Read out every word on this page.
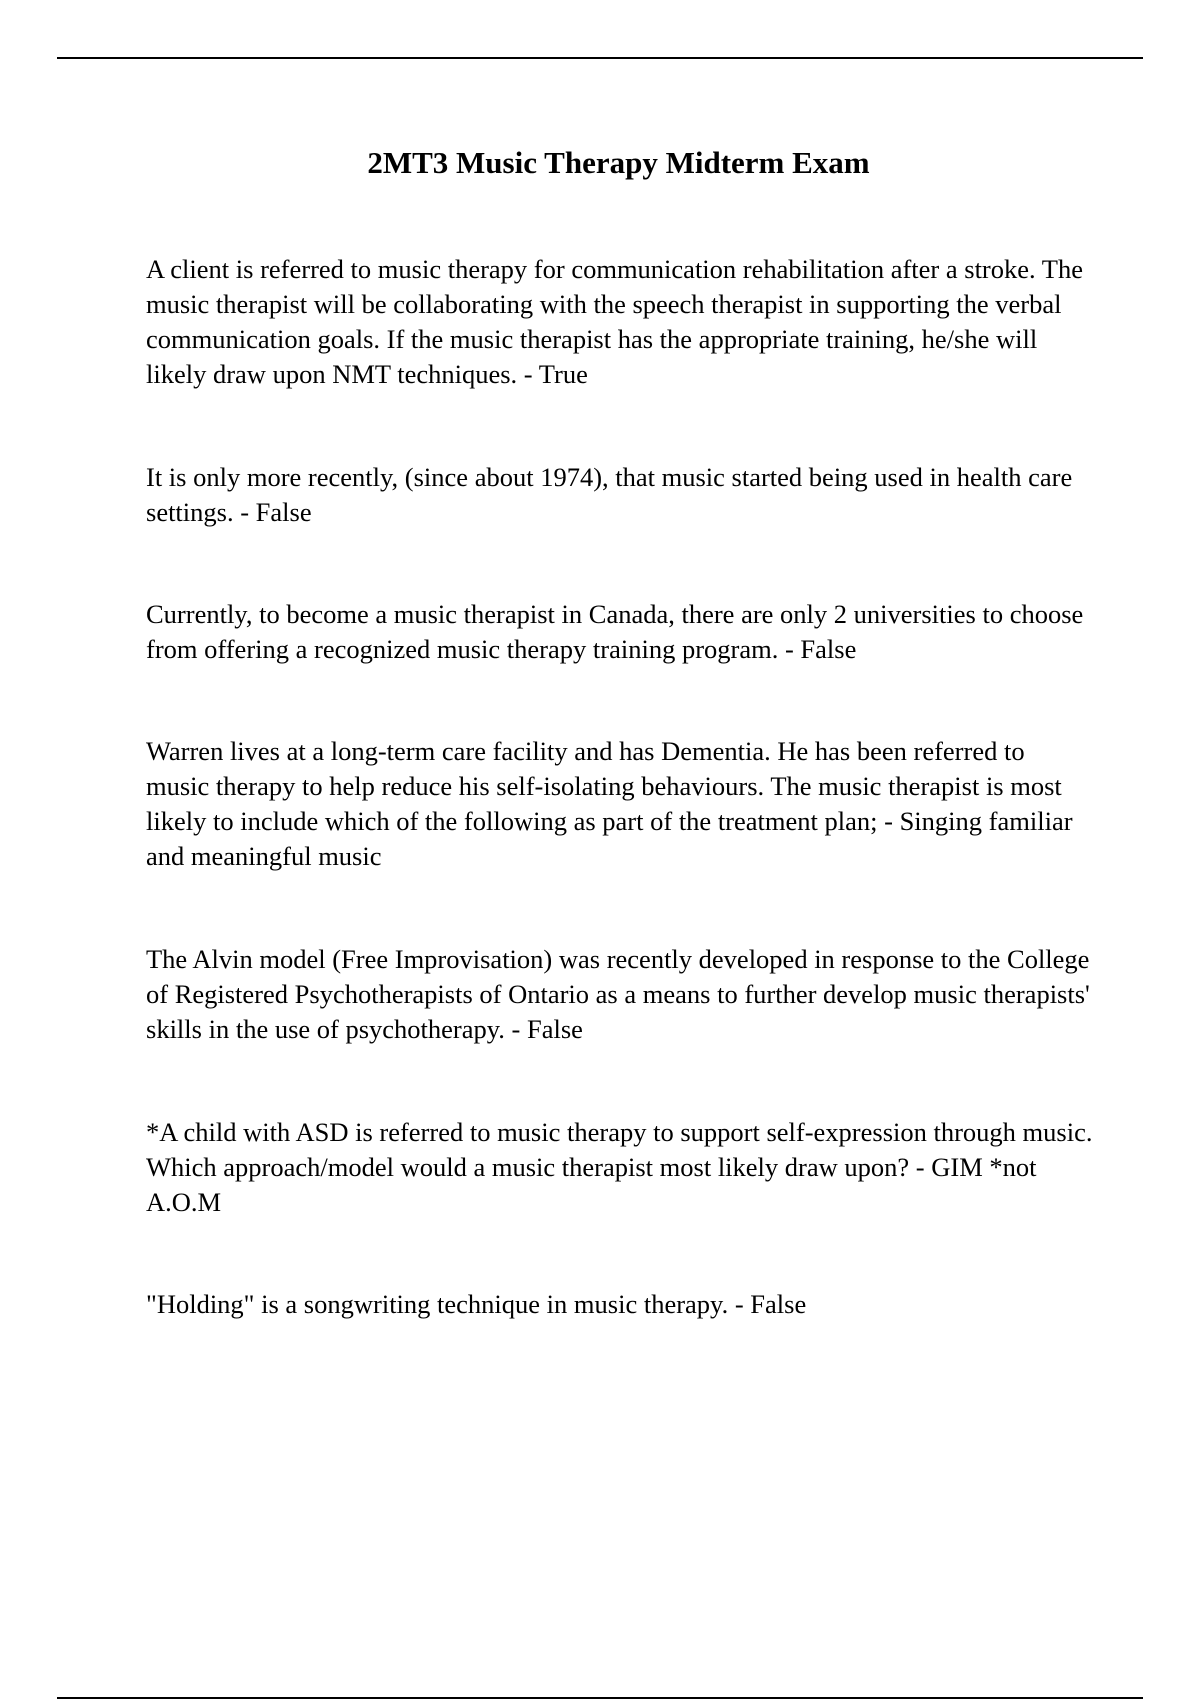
2MT3 Music Therapy Midterm Exam

A client is referred to music therapy for communication rehabilitation after a stroke. The music therapist will be collaborating with the speech therapist in supporting the verbal communication goals. If the music therapist has the appropriate training, he/she will likely draw upon NMT techniques. - True

It is only more recently, (since about 1974), that music started being used in health care settings. - False

Currently, to become a music therapist in Canada, there are only 2 universities to choose from offering a recognized music therapy training program. - False

Warren lives at a long-term care facility and has Dementia. He has been referred to music therapy to help reduce his self-isolating behaviours. The music therapist is most likely to include which of the following as part of the treatment plan; - Singing familiar and meaningful music

The Alvin model (Free Improvisation) was recently developed in response to the College of Registered Psychotherapists of Ontario as a means to further develop music therapists' skills in the use of psychotherapy. - False

*A child with ASD is referred to music therapy to support self-expression through music. Which approach/model would a music therapist most likely draw upon? - GIM *not A.O.M

"Holding" is a songwriting technique in music therapy. - False
